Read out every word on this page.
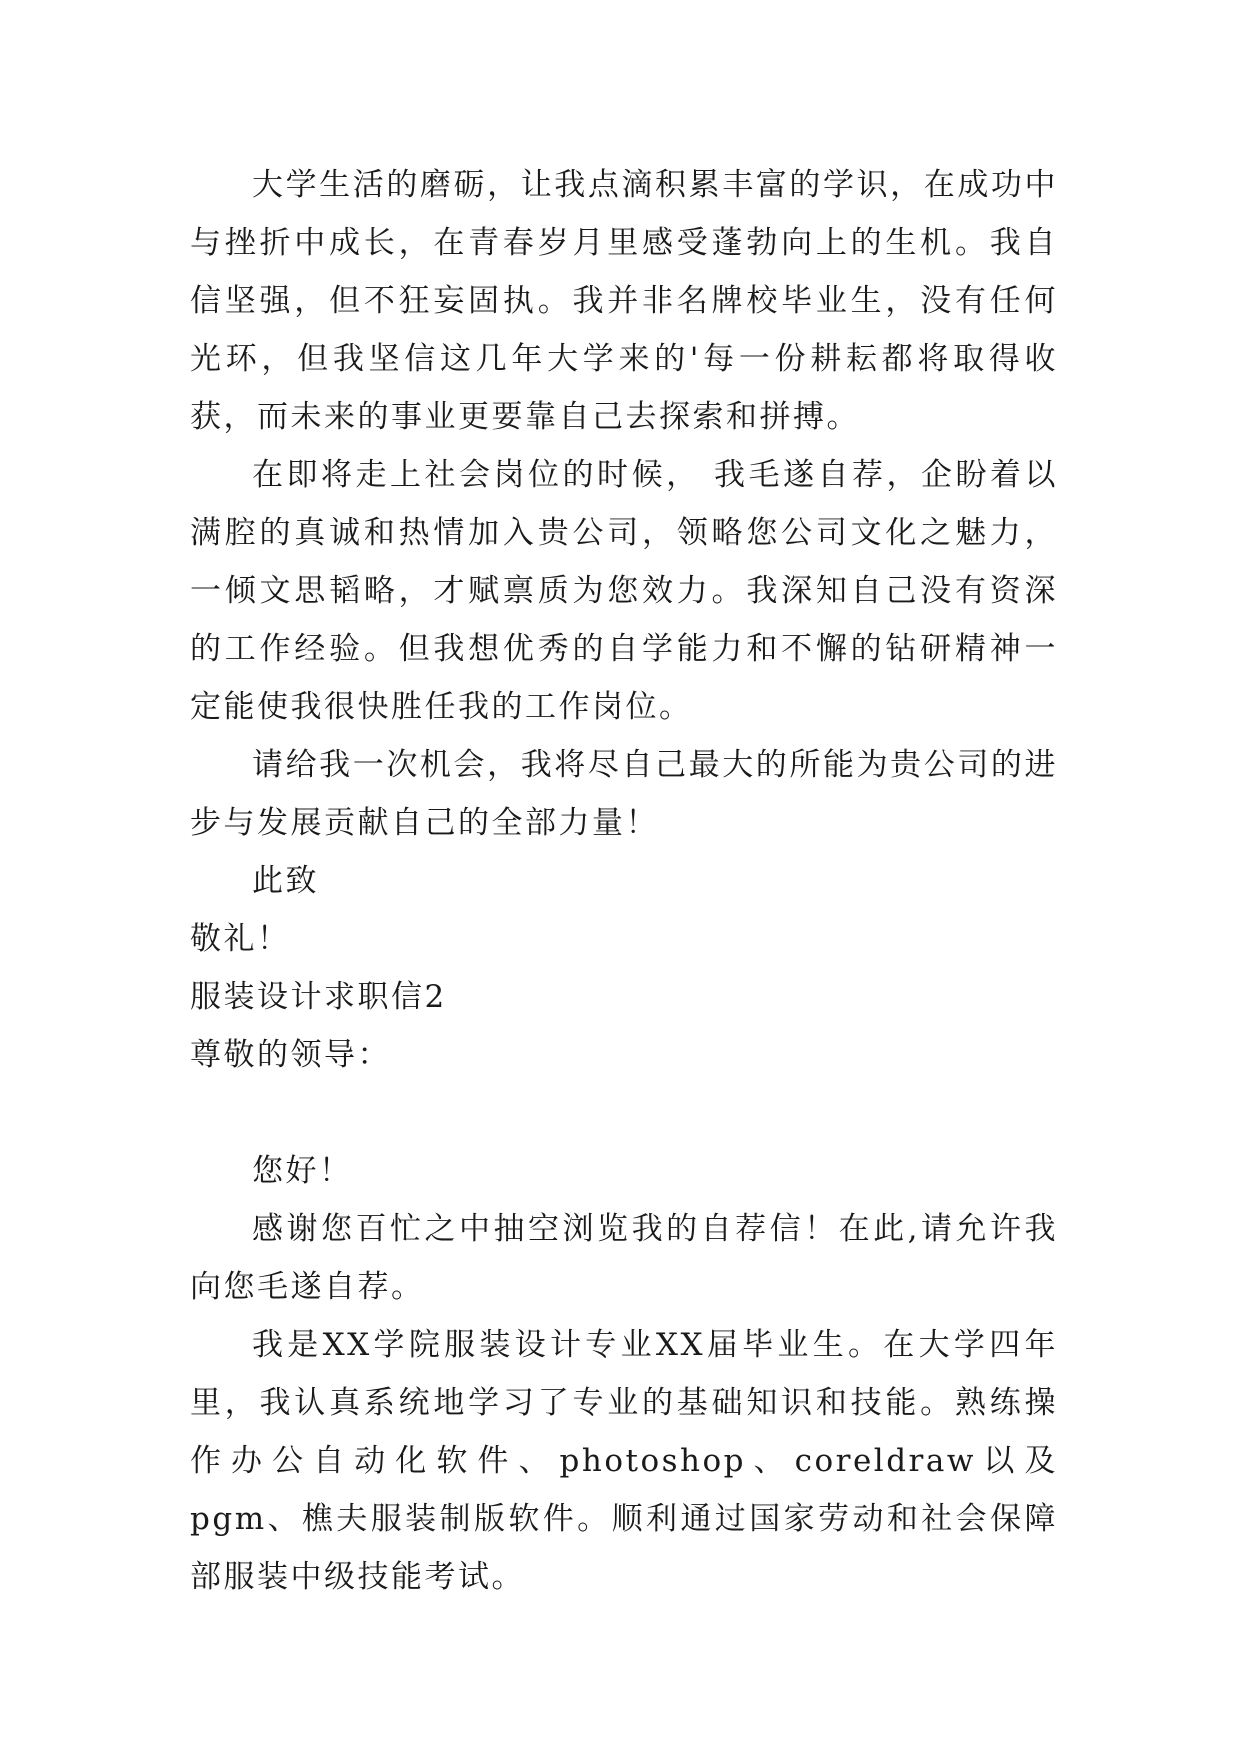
大学生活的磨砺，让我点滴积累丰富的学识，在成功中与挫折中成长，在青春岁月里感受蓬勃向上的生机。我自信坚强，但不狂妄固执。我并非名牌校毕业生，没有任何光环，但我坚信这几年大学来的'每一份耕耘都将取得收获，而未来的事业更要靠自己去探索和拼搏。

在即将走上社会岗位的时候， 我毛遂自荐，企盼着以满腔的真诚和热情加入贵公司，领略您公司文化之魅力，一倾文思韬略，才赋禀质为您效力。我深知自己没有资深的工作经验。但我想优秀的自学能力和不懈的钻研精神一定能使我很快胜任我的工作岗位。

请给我一次机会，我将尽自己最大的所能为贵公司的进步与发展贡献自己的全部力量！

此致

敬礼！

服装设计求职信2

尊敬的领导：

您好！

感谢您百忙之中抽空浏览我的自荐信！在此,请允许我向您毛遂自荐。

我是XX学院服装设计专业XX届毕业生。在大学四年里，我认真系统地学习了专业的基础知识和技能。熟练操作办公自动化软件、photoshop、coreldraw以及pgm、樵夫服装制版软件。顺利通过国家劳动和社会保障部服装中级技能考试。
